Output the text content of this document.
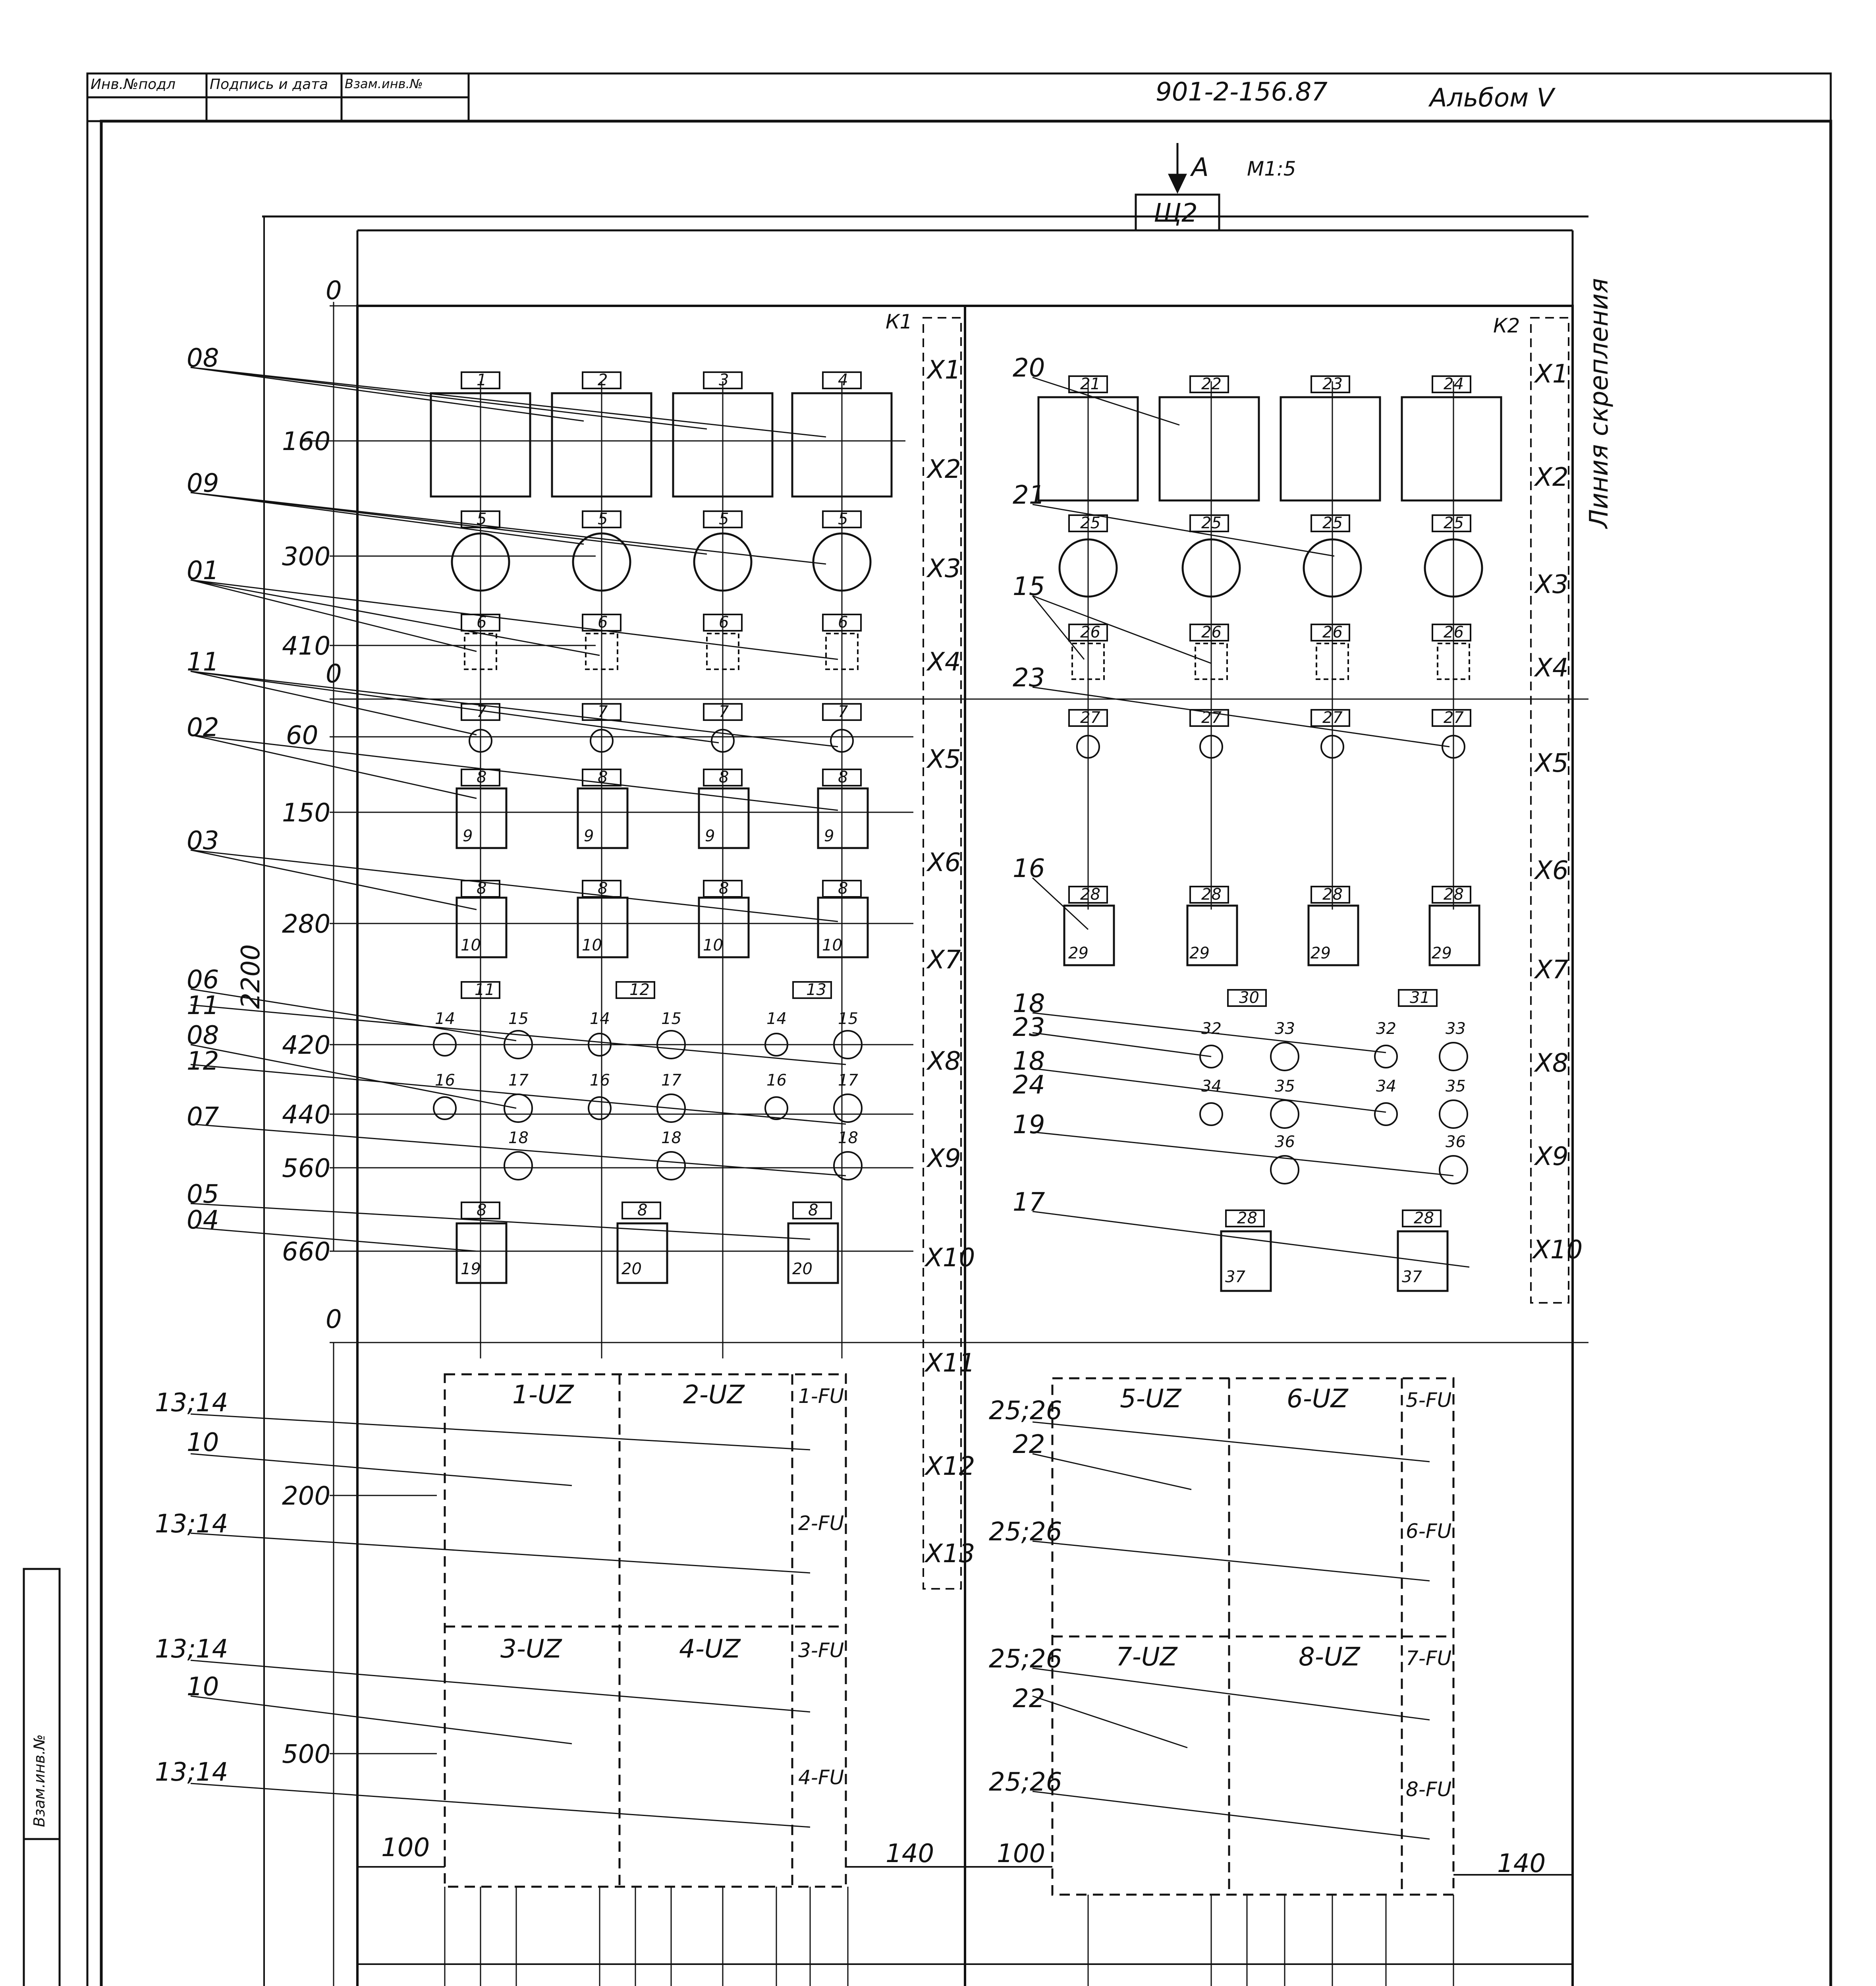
901-2-156.87	Альбом V
А М1:5
Щ2
Линия скрепления
К1	К2
Инв.№подл Подпись и дата Взам.инв.№
Взам.инв.№
0
160
300
410
0
60
150
280
420
440
560
660
0
200
500
2200
08
09
01
11
02
03
06
11
08
12
07
05
04
13;14
10
13;14
13;14
10
13;14
20
21
15
23
16
18
23
18
24
19
17
25;26
22
25;26
25;26
22
25;26
Х1
Х2
Х3
Х4
Х5
Х6
Х7
Х8
Х9
Х10
Х11
Х12
Х13
Х1
Х2
Х3
Х4
Х5
Х6
Х7
Х8
Х9
Х10
1	2	3	4
5	5	5	5
6	6	6	6
7	7	7	7
8	8	8	8
9	9	9	9
8	8	8	8
10	10	10	10
11	12	13
14	15	14	15	14	15
16	17	16	17	16	17
18	18	18
8	8	8
19	20	20
1-UZ	2-UZ	1-FU
2-FU
3-UZ	4-UZ	3-FU
4-FU
21	22	23	24
25	25	25	25
26	26	26	26
27	27	27	27
28	28	28	28
29	29	29	29
30	31
32	33	32	33
34	35	34	35
36	36
28	28
37	37
5-UZ	6-UZ	5-FU
6-FU
7-UZ	8-UZ 7-FU
8-FU
100	140 100	140
